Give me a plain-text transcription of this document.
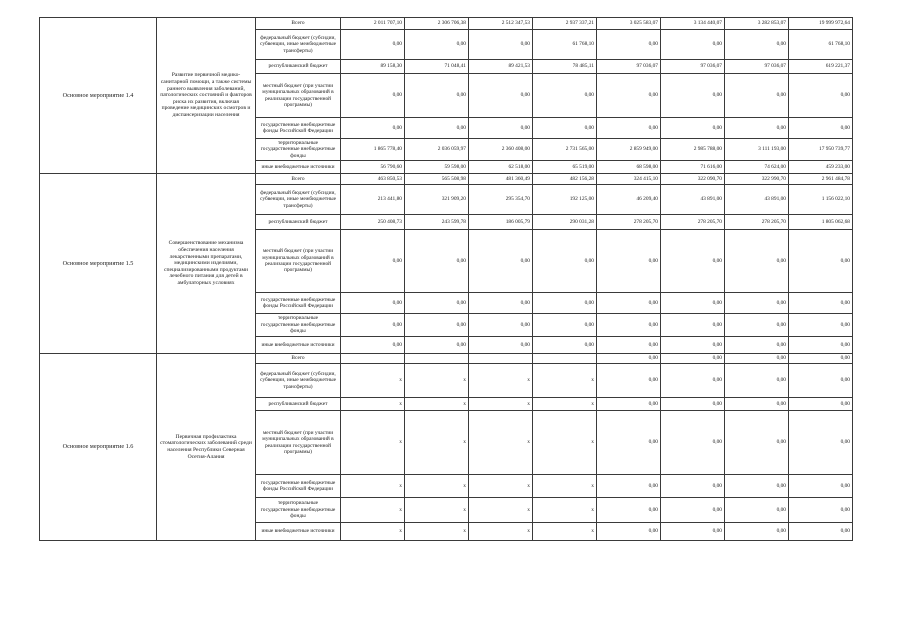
Основное мероприятие 1.4	Развитие первичной медико-санитарной помощи, а также системы раннего выявления заболеваний, патологических состояний и факторов риска их развития, включая проведение медицинских осмотров и диспансеризации населения	Всего	2 011 707,10	2 306 706,38	2 512 347,53	2 937 337,21	3 025 583,07	3 134 440,07	3 282 853,07	19 999 972,64
		федеральный бюджет (субсидии, субвенции, иные межбюджетные трансферты)	0,00	0,00	0,00	61 768,10	0,00	0,00	0,00	61 768,10
		республиканский бюджет	89 158,30	71 048,41	89 421,53	78 485,11	97 036,07	97 036,07	97 036,07	619 221,37
		местный бюджет (при участии муниципальных образований в реализации государственной программы)	0,00	0,00	0,00	0,00	0,00	0,00	0,00	0,00
		государственные внебюджетные фонды Российской Федерации	0,00	0,00	0,00	0,00	0,00	0,00	0,00	0,00
		территориальные государственные внебюджетные фонды	1 865 778,40	2 036 059,97	2 360 408,00	2 731 565,00	2 859 949,00	2 985 788,00	3 111 193,00	17 950 739,77
		иные внебюджетные источники	56 790,60	59 598,00	62 518,00	65 519,00	68 598,00	71 616,00	74 624,00	459 233,00
Основное мероприятие 1.5	Совершенствование механизма обеспечения населения лекарственными препаратами, медицинскими изделиями, специализированными продуктами лечебного питания для детей в амбулаторных условиях	Всего	463 850,53	565 508,98	481 360,49	482 156,28	324 415,10	322 090,70	322 990,70	2 961 484,78
		федеральный бюджет (субсидии, субвенции, иные межбюджетные трансферты)	213 441,80	321 909,20	295 354,70	192 125,00	46 209,40	43 891,00	43 891,00	1 156 022,10
		республиканский бюджет	250 408,73	243 599,78	186 005,79	290 031,28	278 205,70	278 205,70	278 205,70	1 805 062,68
		местный бюджет (при участии муниципальных образований в реализации государственной программы)	0,00	0,00	0,00	0,00	0,00	0,00	0,00	0,00
		государственные внебюджетные фонды Российской Федерации	0,00	0,00	0,00	0,00	0,00	0,00	0,00	0,00
		территориальные государственные внебюджетные фонды	0,00	0,00	0,00	0,00	0,00	0,00	0,00	0,00
		иные внебюджетные источники	0,00	0,00	0,00	0,00	0,00	0,00	0,00	0,00
Основное мероприятие 1.6	Первичная профилактика стоматологических заболеваний среди населения Республики Северная Осетия-Алания	Всего					0,00	0,00	0,00	0,00
		федеральный бюджет (субсидии, субвенции, иные межбюджетные трансферты)	x	x	x	x	0,00	0,00	0,00	0,00
		республиканский бюджет	x	x	x	x	0,00	0,00	0,00	0,00
		местный бюджет (при участии муниципальных образований в реализации государственной программы)	x	x	x	x	0,00	0,00	0,00	0,00
		государственные внебюджетные фонды Российской Федерации	x	x	x	x	0,00	0,00	0,00	0,00
		территориальные государственные внебюджетные фонды	x	x	x	x	0,00	0,00	0,00	0,00
		иные внебюджетные источники	x	x	x	x	0,00	0,00	0,00	0,00
